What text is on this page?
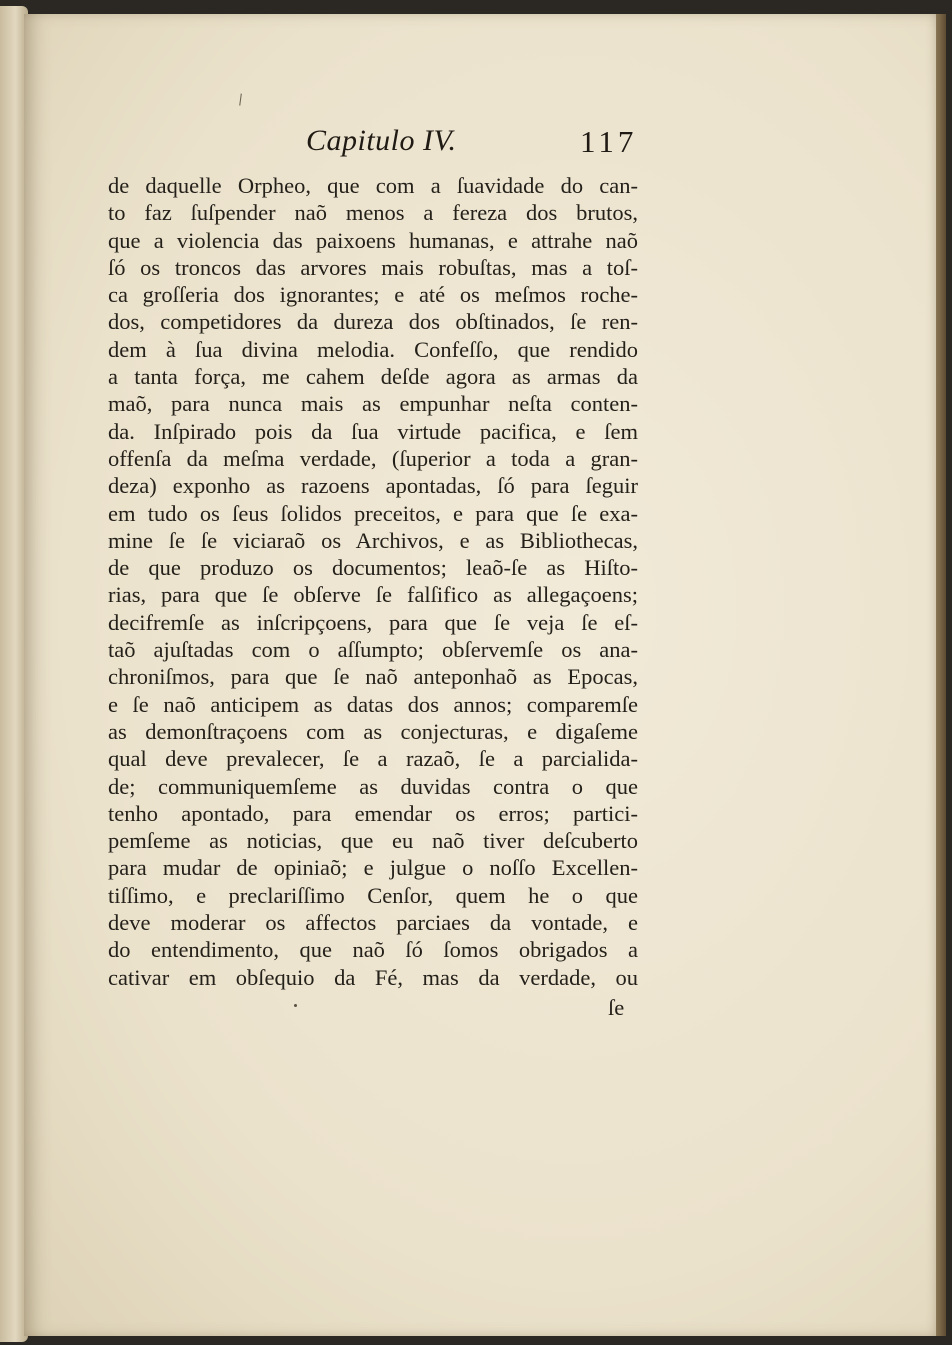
\
Capitulo IV.	117
de daquelle Orpheo, que com a ſuavidade do can-
to faz ſuſpender naõ menos a fereza dos brutos,
que a violencia das paixoens humanas, e attrahe naõ
ſó os troncos das arvores mais robuſtas, mas a toſ-
ca groſſeria dos ignorantes; e até os meſmos roche-
dos, competidores da dureza dos obſtinados, ſe ren-
dem à ſua divina melodia. Confeſſo, que rendido
a tanta força, me cahem deſde agora as armas da
maõ, para nunca mais as empunhar neſta conten-
da. Inſpirado pois da ſua virtude pacifica, e ſem
offenſa da meſma verdade, (ſuperior a toda a gran-
deza) exponho as razoens apontadas, ſó para ſeguir
em tudo os ſeus ſolidos preceitos, e para que ſe exa-
mine ſe ſe viciaraõ os Archivos, e as Bibliothecas,
de que produzo os documentos; leaõ-ſe as Hiſto-
rias, para que ſe obſerve ſe falſifico as allegaçoens;
decifremſe as inſcripçoens, para que ſe veja ſe eſ-
taõ ajuſtadas com o aſſumpto; obſervemſe os ana-
chroniſmos, para que ſe naõ anteponhaõ as Epocas,
e ſe naõ anticipem as datas dos annos; comparemſe
as demonſtraçoens com as conjecturas, e digaſeme
qual deve prevalecer, ſe a razaõ, ſe a parcialida-
de; communiquemſeme as duvidas contra o que
tenho apontado, para emendar os erros; partici-
pemſeme as noticias, que eu naõ tiver deſcuberto
para mudar de opiniaõ; e julgue o noſſo Excellen-
tiſſimo, e preclariſſimo Cenſor, quem he o que
deve moderar os affectos parciaes da vontade, e
do entendimento, que naõ ſó ſomos obrigados a
cativar em obſequio da Fé, mas da verdade, ou
ſe
